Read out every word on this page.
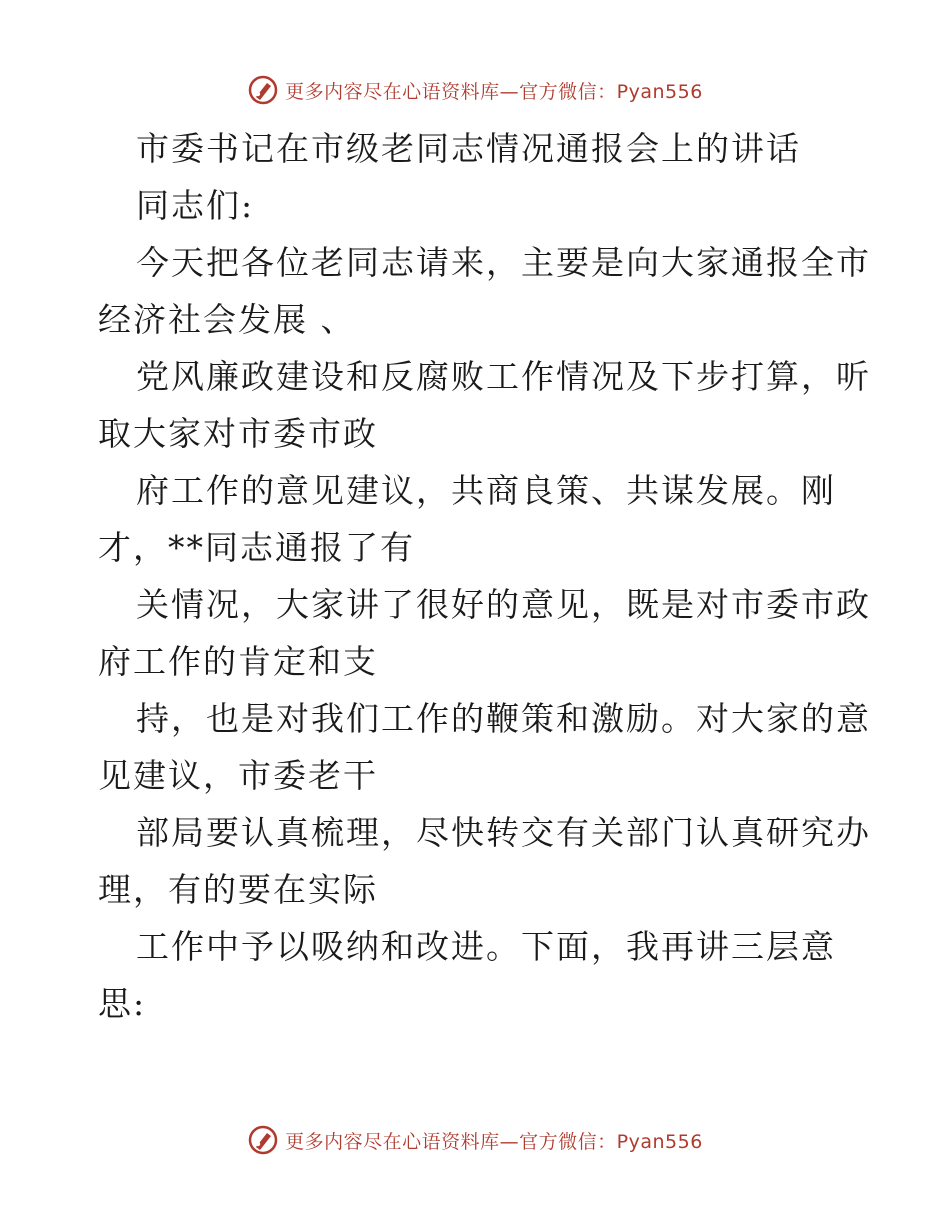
更多内容尽在心语资料库—官方微信：Pyan556
市委书记在市级老同志情况通报会上的讲话
同志们:
今天把各位老同志请来，主要是向大家通报全市
经济社会发展 、
党风廉政建设和反腐败工作情况及下步打算，听
取大家对市委市政
府工作的意见建议，共商良策、共谋发展。刚
才，**同志通报了有
关情况，大家讲了很好的意见，既是对市委市政
府工作的肯定和支
持，也是对我们工作的鞭策和激励。对大家的意
见建议，市委老干
部局要认真梳理，尽快转交有关部门认真研究办
理，有的要在实际
工作中予以吸纳和改进。下面，我再讲三层意
思:
更多内容尽在心语资料库—官方微信：Pyan556
